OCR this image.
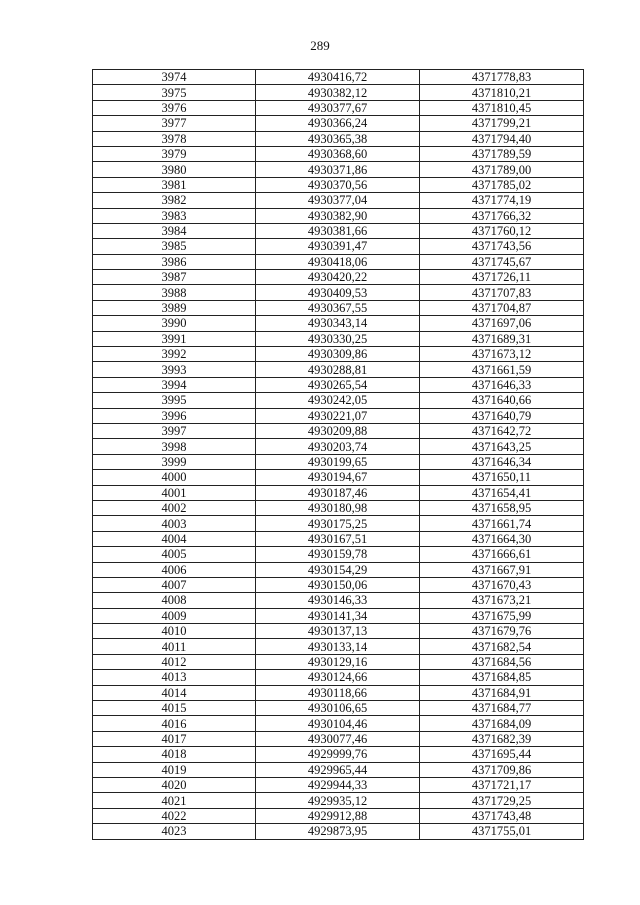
289
3974	4930416,72	4371778,83
3975	4930382,12	4371810,21
3976	4930377,67	4371810,45
3977	4930366,24	4371799,21
3978	4930365,38	4371794,40
3979	4930368,60	4371789,59
3980	4930371,86	4371789,00
3981	4930370,56	4371785,02
3982	4930377,04	4371774,19
3983	4930382,90	4371766,32
3984	4930381,66	4371760,12
3985	4930391,47	4371743,56
3986	4930418,06	4371745,67
3987	4930420,22	4371726,11
3988	4930409,53	4371707,83
3989	4930367,55	4371704,87
3990	4930343,14	4371697,06
3991	4930330,25	4371689,31
3992	4930309,86	4371673,12
3993	4930288,81	4371661,59
3994	4930265,54	4371646,33
3995	4930242,05	4371640,66
3996	4930221,07	4371640,79
3997	4930209,88	4371642,72
3998	4930203,74	4371643,25
3999	4930199,65	4371646,34
4000	4930194,67	4371650,11
4001	4930187,46	4371654,41
4002	4930180,98	4371658,95
4003	4930175,25	4371661,74
4004	4930167,51	4371664,30
4005	4930159,78	4371666,61
4006	4930154,29	4371667,91
4007	4930150,06	4371670,43
4008	4930146,33	4371673,21
4009	4930141,34	4371675,99
4010	4930137,13	4371679,76
4011	4930133,14	4371682,54
4012	4930129,16	4371684,56
4013	4930124,66	4371684,85
4014	4930118,66	4371684,91
4015	4930106,65	4371684,77
4016	4930104,46	4371684,09
4017	4930077,46	4371682,39
4018	4929999,76	4371695,44
4019	4929965,44	4371709,86
4020	4929944,33	4371721,17
4021	4929935,12	4371729,25
4022	4929912,88	4371743,48
4023	4929873,95	4371755,01
